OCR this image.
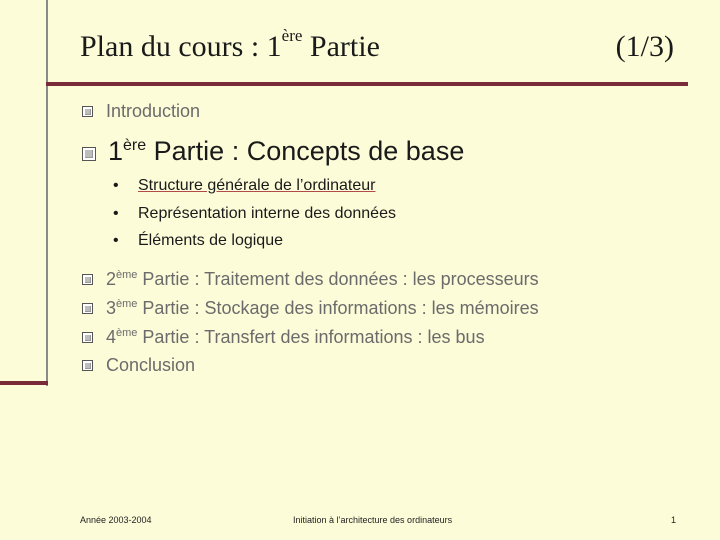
Plan du cours : 1ère Partie	(1/3)
Introduction
1ère Partie : Concepts de base
• Structure générale de l’ordinateur
• Représentation interne des données
• Éléments de logique
2ème Partie : Traitement des données : les processeurs
3ème Partie : Stockage des informations : les mémoires
4ème Partie : Transfert des informations : les bus
Conclusion
Année 2003-2004	Initiation à l’architecture des ordinateurs	1
